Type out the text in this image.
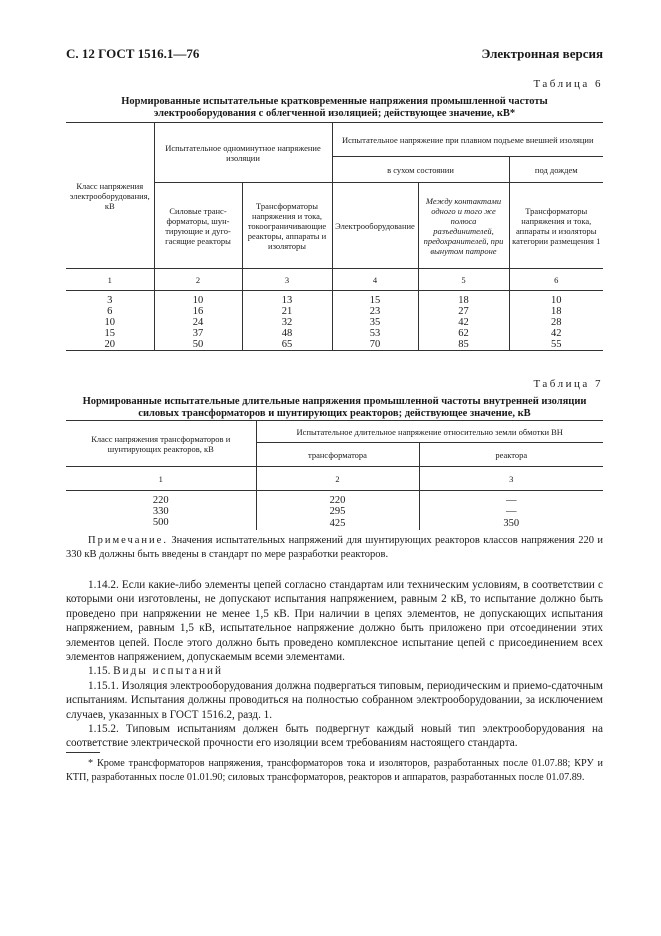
С. 12 ГОСТ 1516.1—76	Электронная версия
Таблица 6
Нормированные испытательные кратковременные напряжения промышленной частоты
электрооборудования с облегченной изоляцией; действующее значение, кВ*
Класс напряжения электрооборудования, кВ	Испытательное одноминутное напряжение изоляции		Испытательное напряжение при плавном подъеме внешней изоляции		
			в сухом состоянии		под дождем
	Силовые трансформаторы, шунтирующие и дугогасящие реакторы	Трансформаторы напряжения и тока, токоограничивающие реакторы, аппараты и изоляторы	Электрооборудование	Между контактами одного и того же полюса разъединителей, предохранителей, при вынутом патроне	Трансформаторы напряжения и тока, аппараты и изоляторы категории размещения 1
1	2	3	4	5	6

3	10	13	15	18	10
6	16	21	23	27	18
10	24	32	35	42	28
15	37	48	53	62	42
20	50	65	70	85	55
Таблица 7
Нормированные испытательные длительные напряжения промышленной частоты внутренней изоляции
силовых трансформаторов и шунтирующих реакторов; действующее значение, кВ
Класс напряжения трансформаторов и шунтирующих реакторов, кВ	Испытательное длительное напряжение относительно земли обмотки ВН	
	трансформатора	реактора
1	2	3

220	220	—
330	295	—
500	425	350
Примечание. Значения испытательных напряжений для шунтирующих реакторов классов напряжения 220 и 330 кВ должны быть введены в стандарт по мере разработки реакторов.

1.14.2. Если какие-либо элементы цепей согласно стандартам или техническим условиям, в соответствии с которыми они изготовлены, не допускают испытания напряжением, равным 2 кВ, то испытание должно быть проведено при напряжении не менее 1,5 кВ. При наличии в цепях элементов, не допускающих испытания напряжением, равным 1,5 кВ, испытательное напряжение должно быть приложено при отсоединении этих элементов цепей. После этого должно быть проведено комплексное испытание цепей с присоединением всех элементов напряжением, допускаемым всеми элементами.

1.15. Виды испытаний

1.15.1. Изоляция электрооборудования должна подвергаться типовым, периодическим и приемо-сдаточным испытаниям. Испытания должны проводиться на полностью собранном электрооборудовании, за исключением случаев, указанных в ГОСТ 1516.2, разд. 1.

1.15.2. Типовым испытаниям должен быть подвергнут каждый новый тип электрооборудования на соответствие электрической прочности его изоляции всем требованиям настоящего стандарта.

* Кроме трансформаторов напряжения, трансформаторов тока и изоляторов, разработанных после 01.07.88; КРУ и КТП, разработанных после 01.01.90; силовых трансформаторов, реакторов и аппаратов, разработанных после 01.07.89.
